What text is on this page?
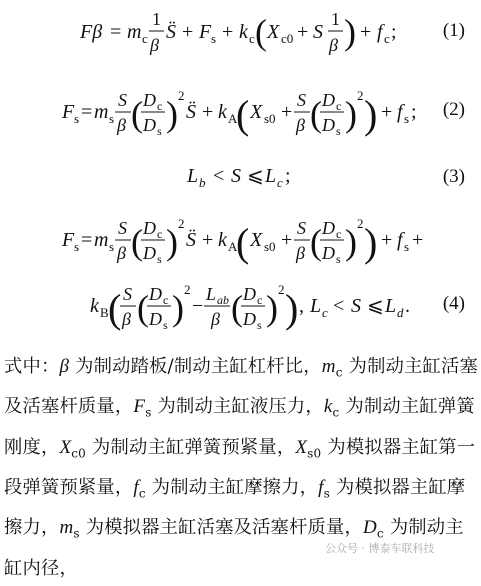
Fβ = m c
1
β
S̈ + F s + k c ( X c0 + S
1
β ) + f c ; (1)
F s = m s
S
β ( D c
D s ) 2
S̈ + k A
( X s0 +
S
β ( D c
D s ) 2 ) + f s ; (2)
L b < S ⩽ L c ;	(3)
F s = m s
S
β ( D c
D s ) 2
S̈ + k A
( X s0 +
S
β ( D c
D s ) 2 ) + f s +
k B ( S
β ( D c
D s ) 2
−
L ab
β ( D c
D s ) 2 ) , L c < S ⩽ L d . (4)
式中：β 为制动踏板/制动主缸杠杆比，$m_c$ 为制动主缸活塞及活塞杆质量，$F_s$ 为制动主缸液压力，$k_c$ 为制动主缸弹簧刚度，$X_{c0}$ 为制动主缸弹簧预紧量，$X_{s0}$ 为模拟器主缸第一段弹簧预紧量，$f_c$ 为制动主缸摩擦力，$f_s$ 为模拟器主缸摩擦力，$m_s$ 为模拟器主缸活塞及活塞杆质量，$D_c$ 为制动主缸内径，
公众号 · 博泰车联科技
